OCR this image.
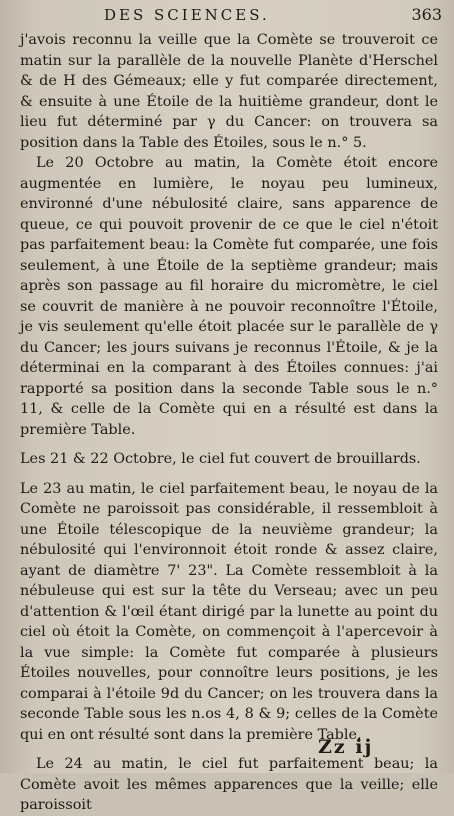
DES SCIENCES.	363

j'avois reconnu la veille que la Comète se trouveroit ce matin sur la parallèle de la nouvelle Planète d'Herschel & de H des Gémeaux; elle y fut comparée directement, & ensuite à une Étoile de la huitième grandeur, dont le lieu fut déterminé par γ du Cancer: on trouvera sa position dans la Table des Étoiles, sous le n.° 5.

Le 20 Octobre au matin, la Comète étoit encore augmentée en lumière, le noyau peu lumineux, environné d'une nébulosité claire, sans apparence de queue, ce qui pouvoit provenir de ce que le ciel n'étoit pas parfaitement beau: la Comète fut comparée, une fois seulement, à une Étoile de la septième grandeur; mais après son passage au fil horaire du micromètre, le ciel se couvrit de manière à ne pouvoir reconnoître l'Étoile, je vis seulement qu'elle étoit placée sur le parallèle de γ du Cancer; les jours suivans je reconnus l'Étoile, & je la déterminai en la comparant à des Étoiles connues: j'ai rapporté sa position dans la seconde Table sous le n.° 11, & celle de la Comète qui en a résulté est dans la première Table.

Les 21 & 22 Octobre, le ciel fut couvert de brouillards.

Le 23 au matin, le ciel parfaitement beau, le noyau de la Comète ne paroissoit pas considérable, il ressembloit à une Étoile télescopique de la neuvième grandeur; la nébulosité qui l'environnoit étoit ronde & assez claire, ayant de diamètre 7' 23". La Comète ressembloit à la nébuleuse qui est sur la tête du Verseau; avec un peu d'attention & l'œil étant dirigé par la lunette au point du ciel où étoit la Comète, on commençoit à l'apercevoir à la vue simple: la Comète fut comparée à plusieurs Étoiles nouvelles, pour connoître leurs positions, je les comparai à l'étoile 9d du Cancer; on les trouvera dans la seconde Table sous les n.os 4, 8 & 9; celles de la Comète qui en ont résulté sont dans la première Table.

Le 24 au matin, le ciel fut parfaitement beau; la Comète avoit les mêmes apparences que la veille; elle paroissoit

Zz ij
